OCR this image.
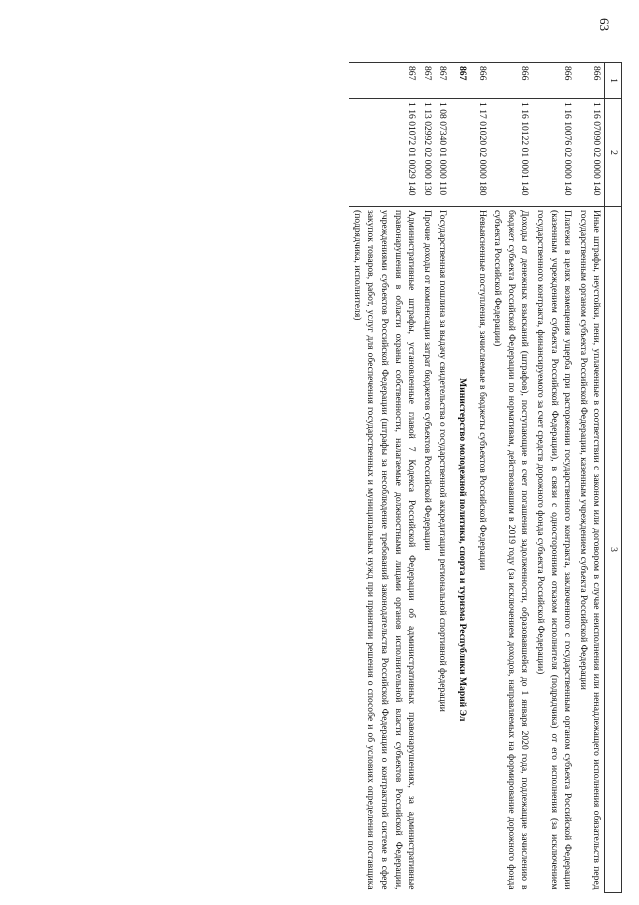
63
1	2	3
866	1 16 07090 02 0000 140	Иные штрафы, неустойки, пени, уплаченные в соответствии с законом или договором в случае неисполнения или ненадлежащего исполнения обязательств перед государственным органом субъекта Российской Федерации, казенным учреждением субъекта Российской Федерации
866	1 16 10076 02 0000 140	Платежи в целях возмещения ущерба при расторжении государственного контракта, заключенного с государственным органом субъекта Российской Федерации (казенным учреждением субъекта Российской Федерации), в связи с односторонним отказом исполнителя (подрядчика) от его исполнения (за исключением государственного контракта, финансируемого за счет средств дорожного фонда субъекта Российской Федерации)
866	1 16 10122 01 0001 140	Доходы от денежных взысканий (штрафов), поступающие в счет погашения задолженности, образовавшейся до 1 января 2020 года, подлежащие зачислению в бюджет субъекта Российской Федерации по нормативам, действовавшим в 2019 году (за исключением доходов, направляемых на формирование дорожного фонда субъекта Российской Федерации)
866	1 17 01020 02 0000 180	Невыясненные поступления, зачисляемые в бюджеты субъектов Российской Федерации
867		Министерство молодежной политики, спорта и туризма Республики Марий Эл
867	1 08 07340 01 0000 110	Государственная пошлина за выдачу свидетельства о государственной аккредитации региональной спортивной федерации
867	1 13 02992 02 0000 130	Прочие доходы от компенсации затрат бюджетов субъектов Российской Федерации
867	1 16 01072 01 0029 140	Административные штрафы, установленные главой 7 Кодекса Российской Федерации об административных правонарушениях, за административные правонарушения в области охраны собственности, налагаемые должностными лицами органов исполнительной власти субъектов Российской Федерации, учреждениями субъектов Российской Федерации (штрафы за несоблюдение требований законодательства Российской Федерации о контрактной системе в сфере закупок товаров, работ, услуг для обеспечения государственных и муниципальных нужд при принятии решения о способе и об условиях определения поставщика (подрядчика, исполнителя)
